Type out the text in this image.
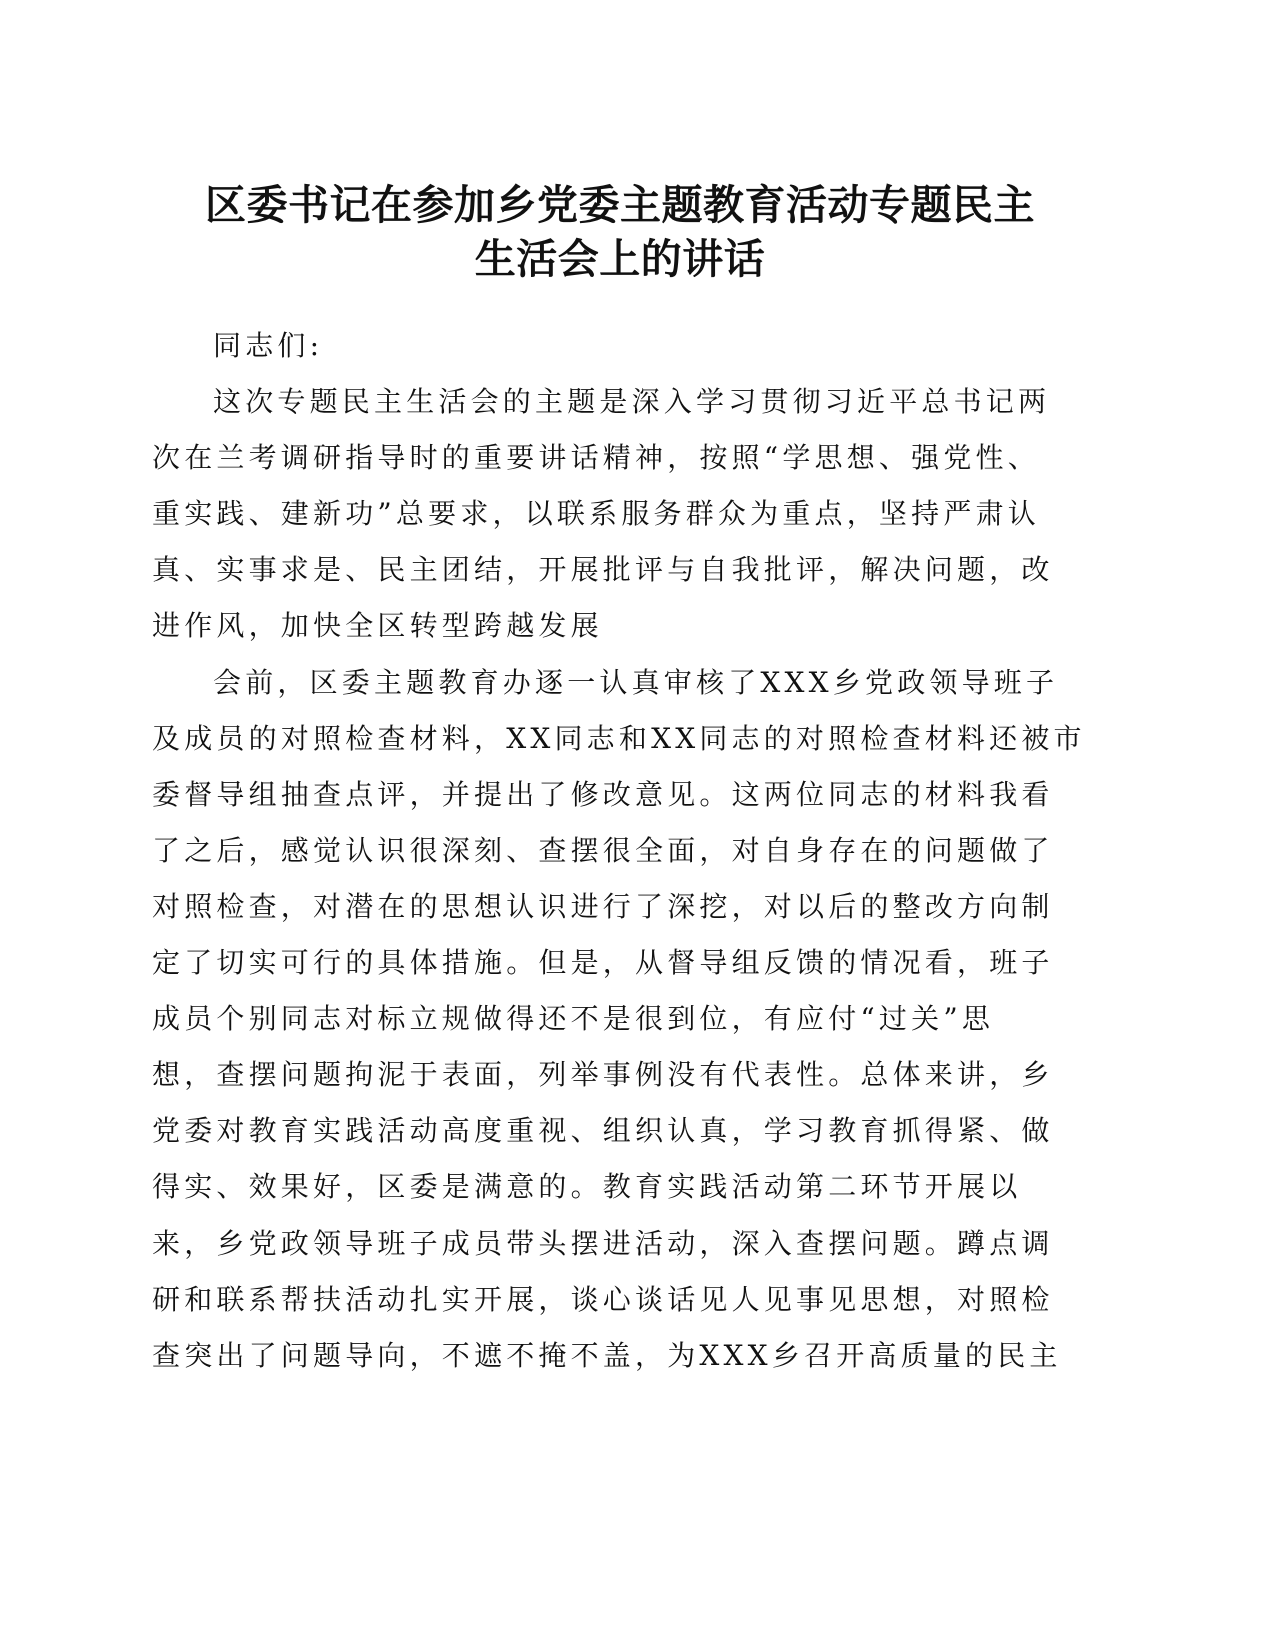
区委书记在参加乡党委主题教育活动专题民主
生活会上的讲话
同志们:
这次专题民主生活会的主题是深入学习贯彻习近平总书记两
次在兰考调研指导时的重要讲话精神，按照“学思想、强党性、
重实践、建新功”总要求，以联系服务群众为重点，坚持严肃认
真、实事求是、民主团结，开展批评与自我批评，解决问题，改
进作风，加快全区转型跨越发展
会前，区委主题教育办逐一认真审核了XXX乡党政领导班子
及成员的对照检查材料，XX同志和XX同志的对照检查材料还被市
委督导组抽查点评，并提出了修改意见。这两位同志的材料我看
了之后，感觉认识很深刻、查摆很全面，对自身存在的问题做了
对照检查，对潜在的思想认识进行了深挖，对以后的整改方向制
定了切实可行的具体措施。但是，从督导组反馈的情况看，班子
成员个别同志对标立规做得还不是很到位，有应付“过关”思
想，查摆问题拘泥于表面，列举事例没有代表性。总体来讲，乡
党委对教育实践活动高度重视、组织认真，学习教育抓得紧、做
得实、效果好，区委是满意的。教育实践活动第二环节开展以
来，乡党政领导班子成员带头摆进活动，深入查摆问题。蹲点调
研和联系帮扶活动扎实开展，谈心谈话见人见事见思想，对照检
查突出了问题导向，不遮不掩不盖，为XXX乡召开高质量的民主
